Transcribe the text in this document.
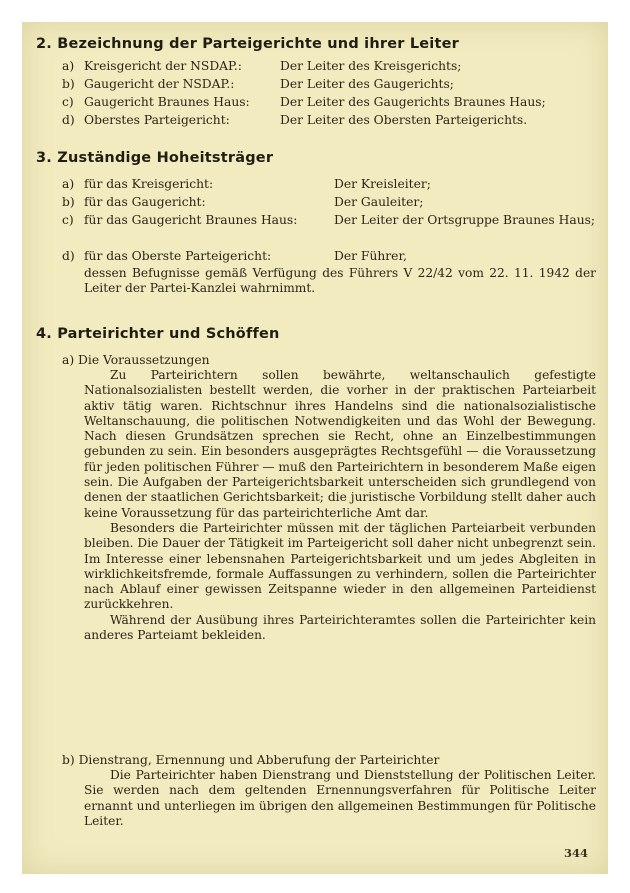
2. Bezeichnung der Parteigerichte und ihrer Leiter
a) Kreisgericht der NSDAP.:	Der Leiter des Kreisgerichts;
b) Gaugericht der NSDAP.:	Der Leiter des Gaugerichts;
c) Gaugericht Braunes Haus: Der Leiter des Gaugerichts Braunes Haus;
d) Oberstes Parteigericht:	Der Leiter des Obersten Parteigerichts.
3. Zuständige Hoheitsträger
a) für das Kreisgericht:	Der Kreisleiter;
b) für das Gaugericht:	Der Gauleiter;
c) für das Gaugericht Braunes Haus:	Der Leiter der Ortsgruppe Braunes Haus;
d) für das Oberste Parteigericht:	Der Führer,
dessen Befugnisse gemäß Verfügung des Führers V 22/42 vom 22. 11. 1942 der Leiter der Partei-Kanzlei wahrnimmt.
4. Parteirichter und Schöffen
a) Die Voraussetzungen

Zu Parteirichtern sollen bewährte, weltanschaulich gefestigte Nationalsozialisten bestellt werden, die vorher in der praktischen Parteiarbeit aktiv tätig waren. Richtschnur ihres Handelns sind die nationalsozialistische Weltanschauung, die politischen Notwendigkeiten und das Wohl der Bewegung. Nach diesen Grundsätzen sprechen sie Recht, ohne an Einzelbestimmungen gebunden zu sein. Ein besonders ausgeprägtes Rechtsgefühl — die Voraussetzung für jeden politischen Führer — muß den Parteirichtern in besonderem Maße eigen sein. Die Aufgaben der Parteigerichtsbarkeit unterscheiden sich grundlegend von denen der staatlichen Gerichtsbarkeit; die juristische Vorbildung stellt daher auch keine Voraussetzung für das parteirichterliche Amt dar.

Besonders die Parteirichter müssen mit der täglichen Parteiarbeit verbunden bleiben. Die Dauer der Tätigkeit im Parteigericht soll daher nicht unbegrenzt sein. Im Interesse einer lebensnahen Parteigerichtsbarkeit und um jedes Abgleiten in wirklichkeitsfremde, formale Auffassungen zu verhindern, sollen die Parteirichter nach Ablauf einer gewissen Zeitspanne wieder in den allgemeinen Parteidienst zurückkehren.

Während der Ausübung ihres Parteirichteramtes sollen die Parteirichter kein anderes Parteiamt bekleiden.

b) Dienstrang, Ernennung und Abberufung der Parteirichter

Die Parteirichter haben Dienstrang und Dienststellung der Politischen Leiter. Sie werden nach dem geltenden Ernennungsverfahren für Politische Leiter ernannt und unterliegen im übrigen den allgemeinen Bestimmungen für Politische Leiter.

344
